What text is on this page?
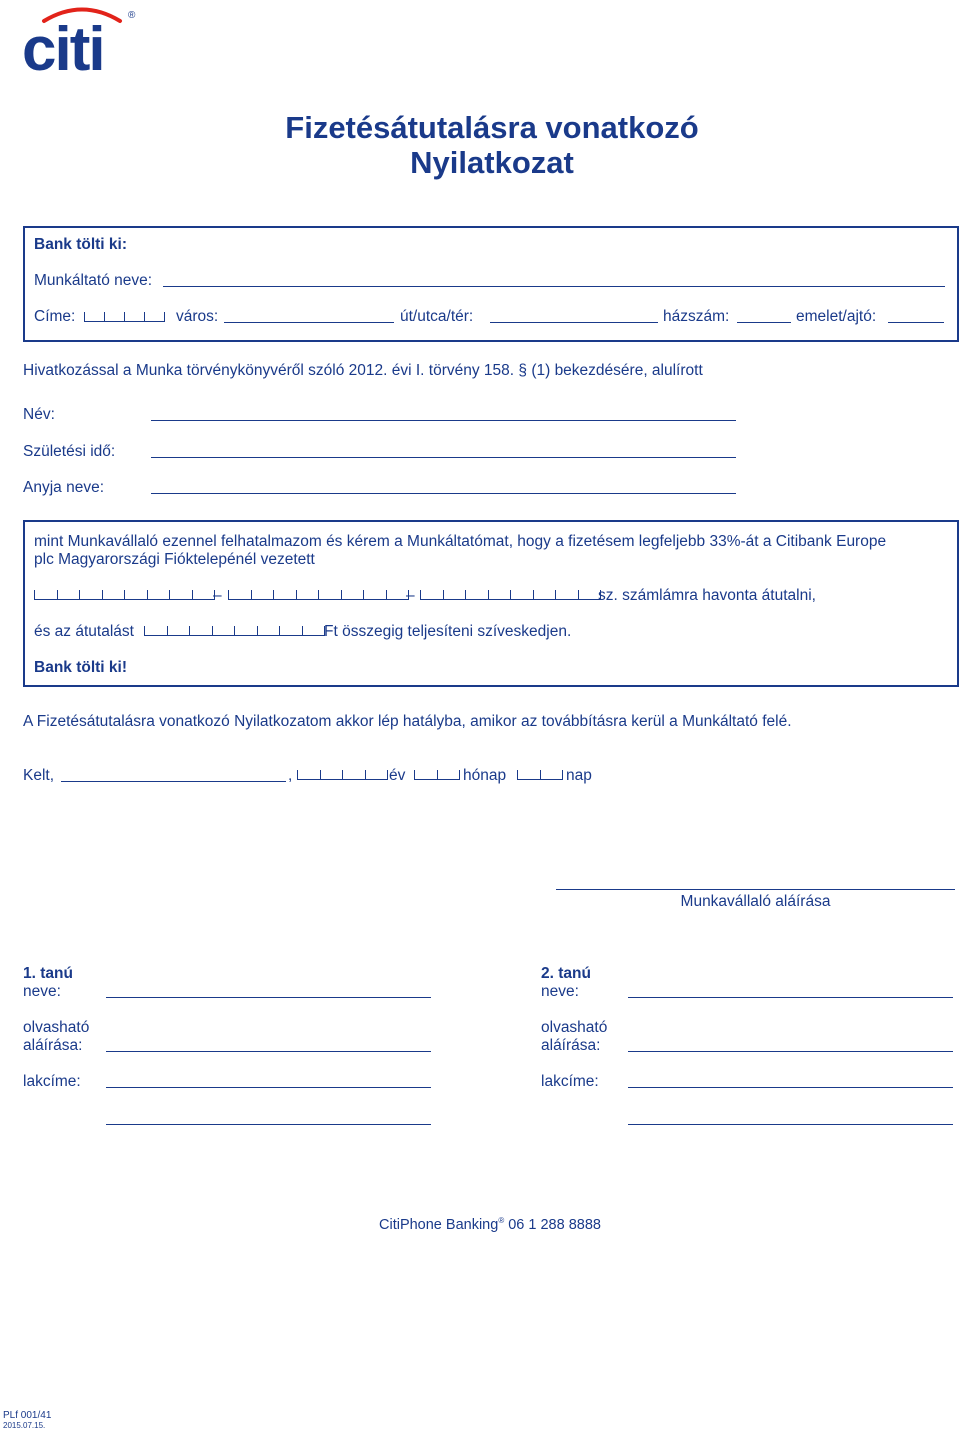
citi ®
Fizetésátutalásra vonatkozó
Nyilatkozat
Bank tölti ki:
Munkáltató neve:
Címe:	város:	út/utca/tér:	házszám:	emelet/ajtó:
Hivatkozással a Munka törvénykönyvéről szóló 2012. évi I. törvény 158. § (1) bekezdésére, alulírott
Név:
Születési idő:
Anyja neve:
mint Munkavállaló ezennel felhatalmazom és kérem a Munkáltatómat, hogy a fizetésem legfeljebb 33%-át a Citibank Europe
plc Magyarországi Fióktelepénél vezetett
–	–	sz. számlámra havonta átutalni,
és az átutalást	Ft összegig teljesíteni szíveskedjen.
Bank tölti ki!
A Fizetésátutalásra vonatkozó Nyilatkozatom akkor lép hatályba, amikor az továbbításra kerül a Munkáltató felé.
Kelt,	,	év	hónap	nap
Munkavállaló aláírása
1. tanú
neve:
olvasható
aláírása:
lakcíme:
2. tanú
neve:
olvasható
aláírása:
lakcíme:
CitiPhone Banking® 06 1 288 8888
PLf 001/41
2015.07.15.
